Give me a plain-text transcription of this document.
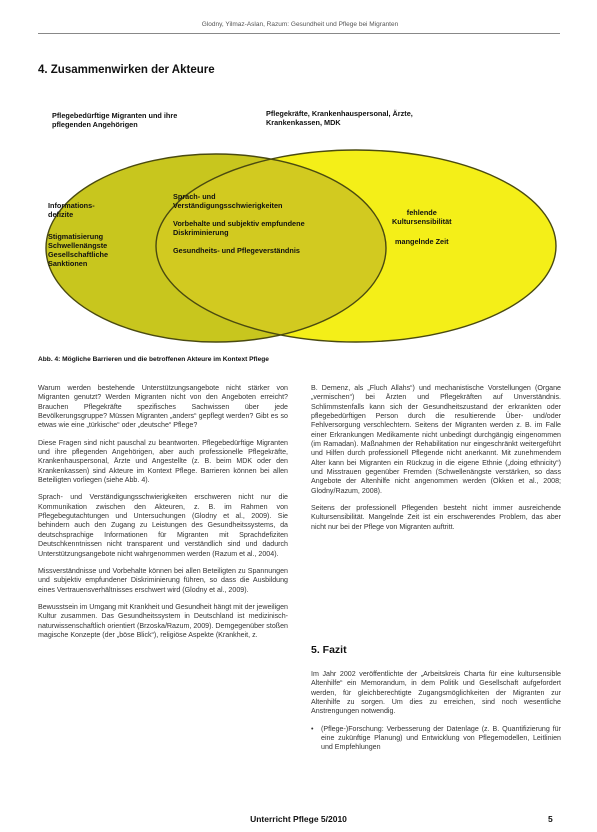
Glodny, Yilmaz-Aslan, Razum: Gesundheit und Pflege bei Migranten
4. Zusammenwirken der Akteure
Pflegebedürftige Migranten und ihre
pflegenden Angehörigen
Pflegekräfte, Krankenhauspersonal, Ärzte,
Krankenkassen, MDK
Informations-
defizite
Stigmatisierung
Schwellenängste
Gesellschaftliche
Sanktionen
Sprach- und
Verständigungsschwierigkeiten
Vorbehalte und subjektiv empfundene
Diskriminierung
Gesundheits- und Pflegeverständnis
fehlende
Kultursensibilität
mangelnde Zeit
Abb. 4: Mögliche Barrieren und die betroffenen Akteure im Kontext Pflege

Warum werden bestehende Unterstützungsangebote nicht stärker von Migranten genutzt? Werden Migranten nicht von den Angeboten erreicht? Brauchen Pflegekräfte spezifisches Sachwissen über jede Bevölkerungsgruppe? Müssen Migranten „anders“ gepflegt werden? Gibt es so etwas wie eine „türkische“ oder „deutsche“ Pflege?

Diese Fragen sind nicht pauschal zu beantworten. Pflegebedürftige Migranten und ihre pflegenden Angehörigen, aber auch professionelle Pflegekräfte, Krankenhauspersonal, Ärzte und Angestellte (z. B. beim MDK oder den Krankenkassen) sind Akteure im Kontext Pflege. Barrieren können bei allen Beteiligten vorliegen (siehe Abb. 4).

Sprach- und Verständigungsschwierigkeiten erschweren nicht nur die Kommunikation zwischen den Akteuren, z. B. im Rahmen von Pflegebegutachtungen und Untersuchungen (Glodny et al., 2009). Sie behindern auch den Zugang zu Leistungen des Gesundheitssystems, da deutschsprachige Informationen für Migranten mit Sprachdefiziten Deutschkenntnissen nicht transparent und verständlich sind und dadurch Unterstützungsangebote nicht wahrgenommen werden (Razum et al., 2004).

Missverständnisse und Vorbehalte können bei allen Beteiligten zu Spannungen und subjektiv empfundener Diskriminierung führen, so dass die Ausbildung eines Vertrauensverhältnisses erschwert wird (Glodny et al., 2009).

Bewusstsein im Umgang mit Krankheit und Gesundheit hängt mit der jeweiligen Kultur zusammen. Das Gesundheitssystem in Deutschland ist medizinisch-naturwissenschaftlich orientiert (Brzoska/Razum, 2009). Demgegenüber stoßen magische Konzepte (der „böse Blick“), religiöse Aspekte (Krankheit, z.

B. Demenz, als „Fluch Allahs“) und mechanistische Vorstellungen (Organe „vermischen“) bei Ärzten und Pflegekräften auf Unverständnis. Schlimmstenfalls kann sich der Gesundheitszustand der erkrankten oder pflegebedürftigen Person durch die resultierende Über- und/oder Fehlversorgung verschlechtern. Seitens der Migranten werden z. B. im Falle einer Erkrankungen Medikamente nicht unbedingt durchgängig eingenommen (im Ramadan). Maßnahmen der Rehabilitation nur eingeschränkt weitergeführt und Hilfen durch professionell Pflegende nicht anerkannt. Mit zunehmendem Alter kann bei Migranten ein Rückzug in die eigene Ethnie („doing ethnicity“) und Misstrauen gegenüber Fremden (Schwellenängste verstärken, so dass Angebote der Altenhilfe nicht angenommen werden (Okken et al., 2008; Glodny/Razum, 2008).

Seitens der professionell Pflegenden besteht nicht immer ausreichende Kultursensibilität. Mangelnde Zeit ist ein erschwerendes Problem, das aber nicht nur bei der Pflege von Migranten auftritt.

5. Fazit

Im Jahr 2002 veröffentlichte der „Arbeitskreis Charta für eine kultursensible Altenhilfe“ ein Memorandum, in dem Politik und Gesellschaft aufgefordert werden, für gleichberechtigte Zugangsmöglichkeiten der Migranten zur Altenhilfe zu sorgen. Um dies zu erreichen, sind noch wesentliche Anstrengungen notwendig.

•	(Pflege-)Forschung: Verbesserung der Datenlage (z. B. Quantifizierung für eine zukünftige Planung) und Entwicklung von Pflegemodellen, Leitlinien und Empfehlungen
Unterricht Pflege 5/2010	5
